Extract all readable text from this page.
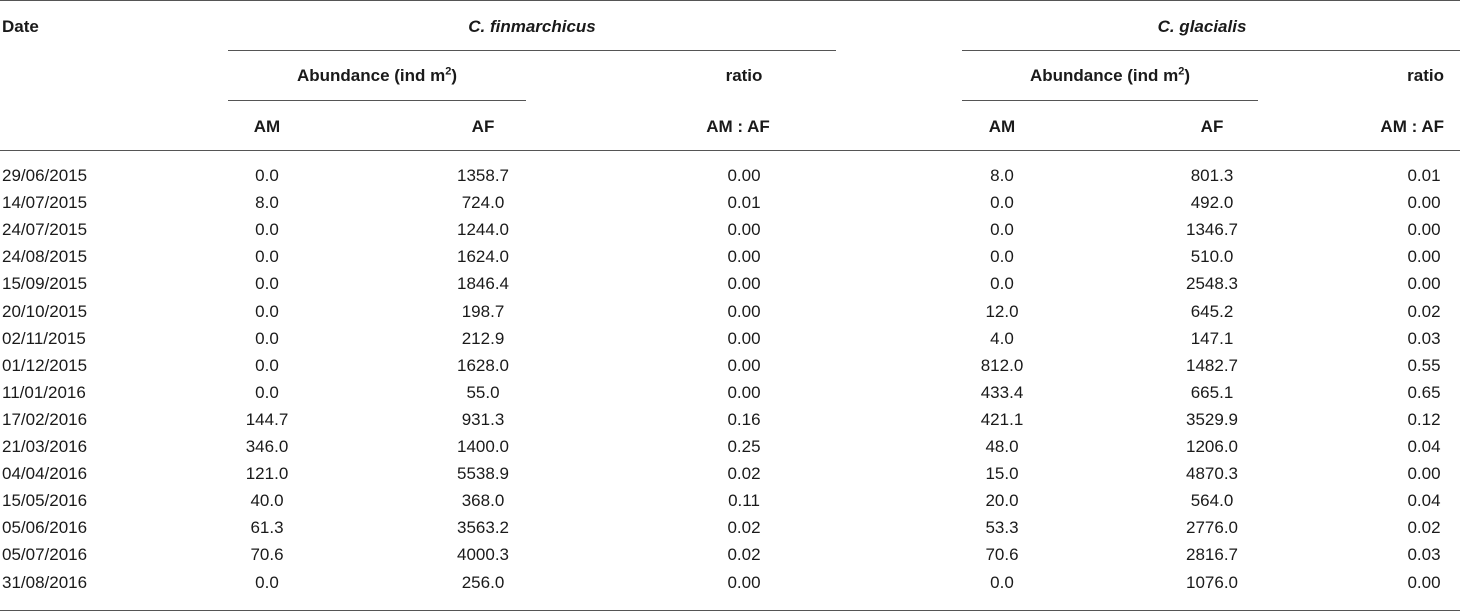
Date	C. finmarchicus	C. glacialis
Abundance (ind $m^2$)	ratio	Abundance (ind $m^2$)	ratio
AM	AF	AM : AF	AM	AF	AM : AF
29/06/2015	0.0	1358.7	0.00	8.0	801.3	0.01
14/07/2015	8.0	724.0	0.01	0.0	492.0	0.00
24/07/2015	0.0	1244.0	0.00	0.0	1346.7	0.00
24/08/2015	0.0	1624.0	0.00	0.0	510.0	0.00
15/09/2015	0.0	1846.4	0.00	0.0	2548.3	0.00
20/10/2015	0.0	198.7	0.00	12.0	645.2	0.02
02/11/2015	0.0	212.9	0.00	4.0	147.1	0.03
01/12/2015	0.0	1628.0	0.00	812.0	1482.7	0.55
11/01/2016	0.0	55.0	0.00	433.4	665.1	0.65
17/02/2016	144.7	931.3	0.16	421.1	3529.9	0.12
21/03/2016	346.0	1400.0	0.25	48.0	1206.0	0.04
04/04/2016	121.0	5538.9	0.02	15.0	4870.3	0.00
15/05/2016	40.0	368.0	0.11	20.0	564.0	0.04
05/06/2016	61.3	3563.2	0.02	53.3	2776.0	0.02
05/07/2016	70.6	4000.3	0.02	70.6	2816.7	0.03
31/08/2016	0.0	256.0	0.00	0.0	1076.0	0.00
